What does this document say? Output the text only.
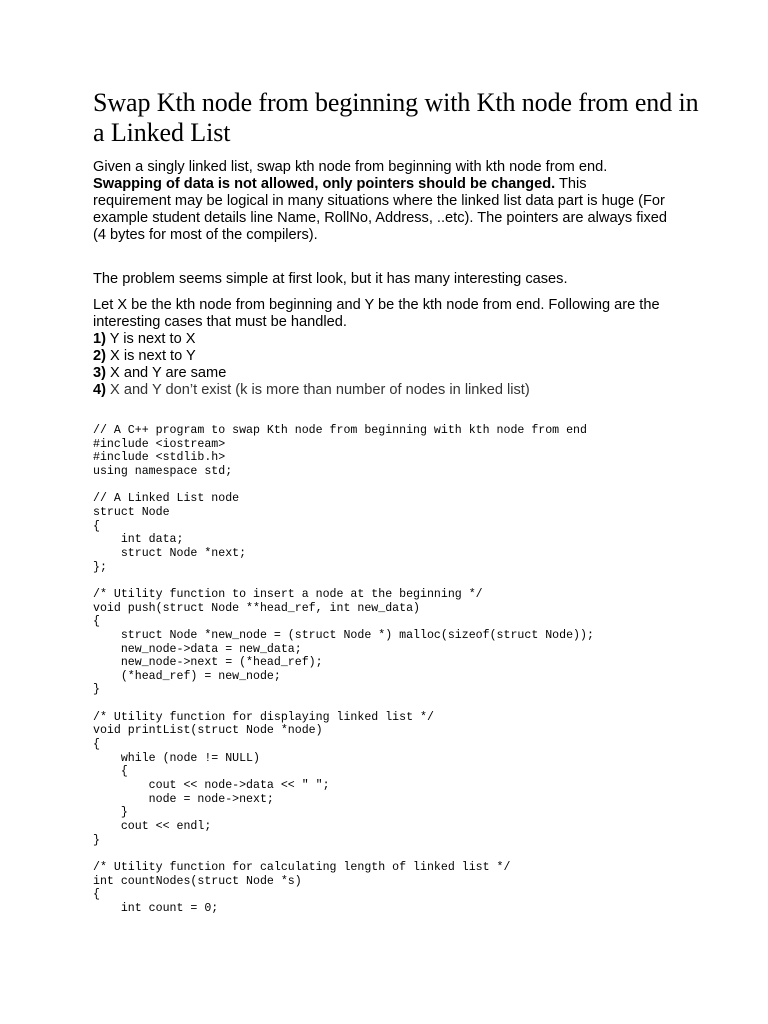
Swap Kth node from beginning with Kth node from end in a Linked List

Given a singly linked list, swap kth node from beginning with kth node from end. Swapping of data is not allowed, only pointers should be changed. This requirement may be logical in many situations where the linked list data part is huge (For example student details line Name, RollNo, Address, ..etc). The pointers are always fixed (4 bytes for most of the compilers).

The problem seems simple at first look, but it has many interesting cases.

Let X be the kth node from beginning and Y be the kth node from end. Following are the interesting cases that must be handled.

1) Y is next to X
2) X is next to Y
3) X and Y are same
4) X and Y don’t exist (k is more than number of nodes in linked list)
// A C++ program to swap Kth node from beginning with kth node from end
#include <iostream>
#include <stdlib.h>
using namespace std;

// A Linked List node
struct Node
{
int data;
struct Node *next;
};

/* Utility function to insert a node at the beginning */
void push(struct Node **head_ref, int new_data)
{
struct Node *new_node = (struct Node *) malloc(sizeof(struct Node));
new_node->data = new_data;
new_node->next = (*head_ref);
(*head_ref) = new_node;
}

/* Utility function for displaying linked list */
void printList(struct Node *node)
{
while (node != NULL)
{
cout << node->data << " ";
node = node->next;
}
cout << endl;
}

/* Utility function for calculating length of linked list */
int countNodes(struct Node *s)
{
int count = 0;
